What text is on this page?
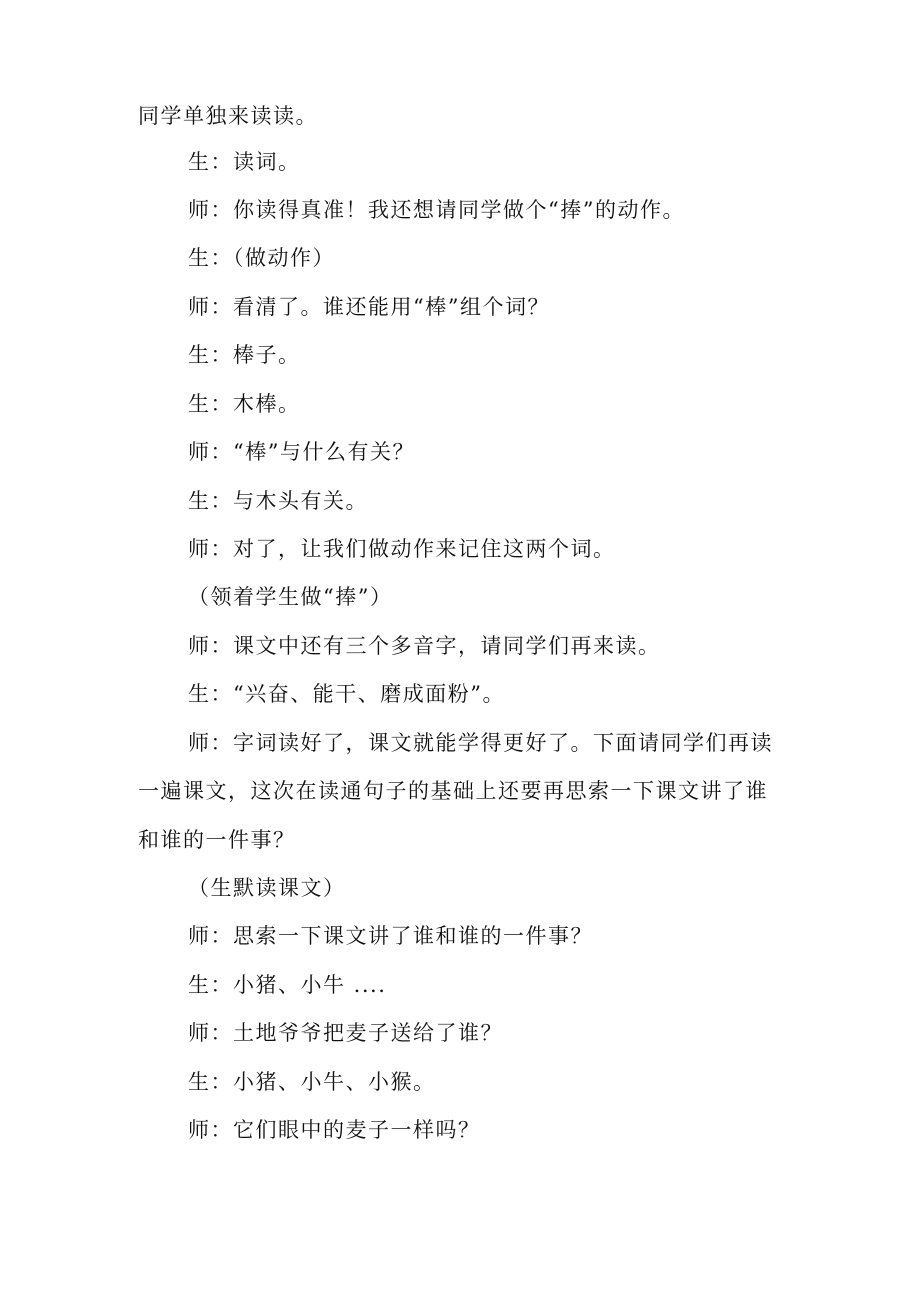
同学单独来读读。
生：读词。
师：你读得真准！我还想请同学做个“捧”的动作。
生：（做动作）
师：看清了。谁还能用“棒”组个词？
生：棒子。
生：木棒。
师：“棒”与什么有关？
生：与木头有关。
师：对了，让我们做动作来记住这两个词。
（领着学生做“捧”）
师：课文中还有三个多音字，请同学们再来读。
生：“兴奋、能干、磨成面粉”。
师：字词读好了，课文就能学得更好了。下面请同学们再读
一遍课文，这次在读通句子的基础上还要再思索一下课文讲了谁
和谁的一件事？
（生默读课文）
师：思索一下课文讲了谁和谁的一件事？
生：小猪、小牛 ....
师：土地爷爷把麦子送给了谁？
生：小猪、小牛、小猴。
师：它们眼中的麦子一样吗？
